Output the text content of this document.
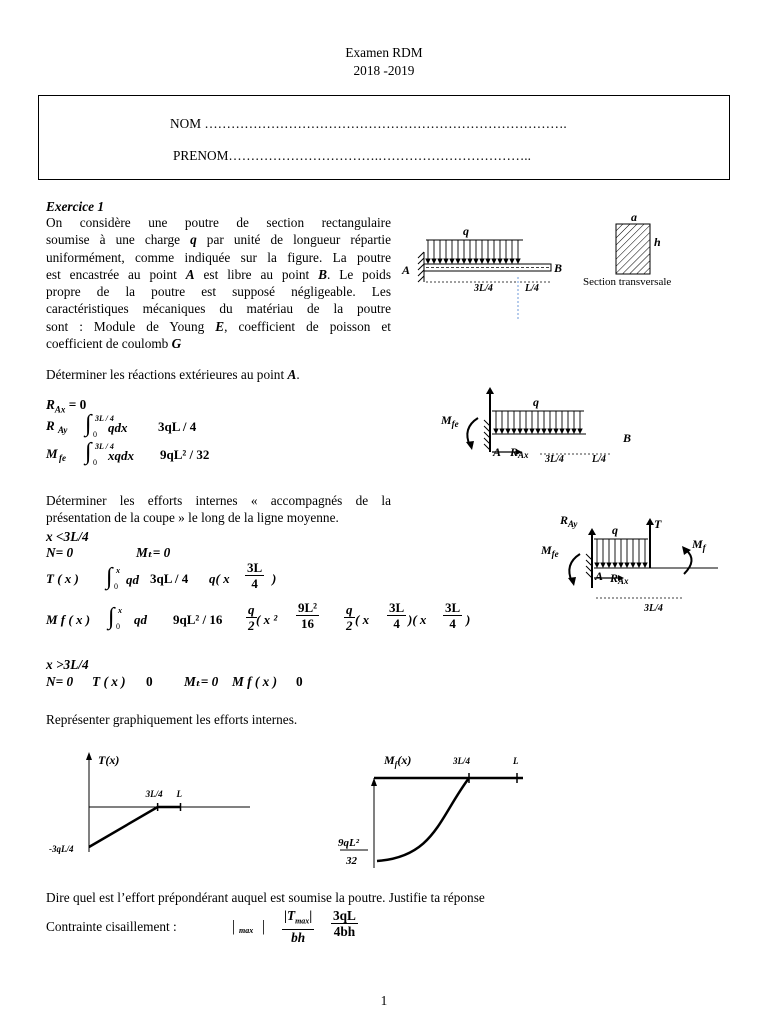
Examen RDM
2018 -2019
NOM ……………………………………………………………………….
PRENOM…………………………….……………………………..
Exercice 1
On considère une poutre de section rectangulaire
soumise à une charge q par unité de longueur répartie
uniformément, comme indiquée sur la figure. La poutre
est encastrée au point A est libre au point B. Le poids
propre de la poutre est supposé négligeable. Les
caractéristiques mécaniques du matériau de la poutre
sont : Module de Young E, coefficient de poisson et
coefficient de coulomb G
q
A	B
3L/4	L/4
a
h
Section transversale
Déterminer les réactions extérieures au point A.
$R_{Ax} = 0$
R Ay ∫ 3L / 4
0 qdx 3qL / 4
M fe ∫ 3L / 4
0 xqdx 9qL² / 32
q
$M_{fe}$
A RAx
B
3L/4	L/4
Déterminer les efforts internes « accompagnés de la
présentation de la coupe » le long de la ligne moyenne.
x <3L/4
N= 0	Mₜ= 0
T ( x ) ∫ x
0 qd 3qL / 4 q( x $\frac{3L}{4}$ )
M f ( x ) ∫ x
0 qd $9qL^2 / 16 \frac{q}{2}$ ( x $^2 \frac{\text{9L²}}{16} \frac{q}{2}$ ( x $\frac{3L}{4}$ )( x $\frac{3L}{4}$ )
$R_{Ay}$	q	T
$M_f$
$M_{fe}$
A RAx
3L/4
x >3L/4
N= 0 T ( x ) 0 Mₜ= 0 M f ( x ) 0
Représenter graphiquement les efforts internes.
T(x)
3L/4 L
-3qL/4
$M_f(x)$	3L/4	L
9qL²
32
Dire quel est l’effort prépondérant auquel est soumise la poutre. Justifie ta réponse
Contrainte cisaillement :	| max | $\frac{|T_{max}|}{bh} \frac{3qL}{4bh}$
1
